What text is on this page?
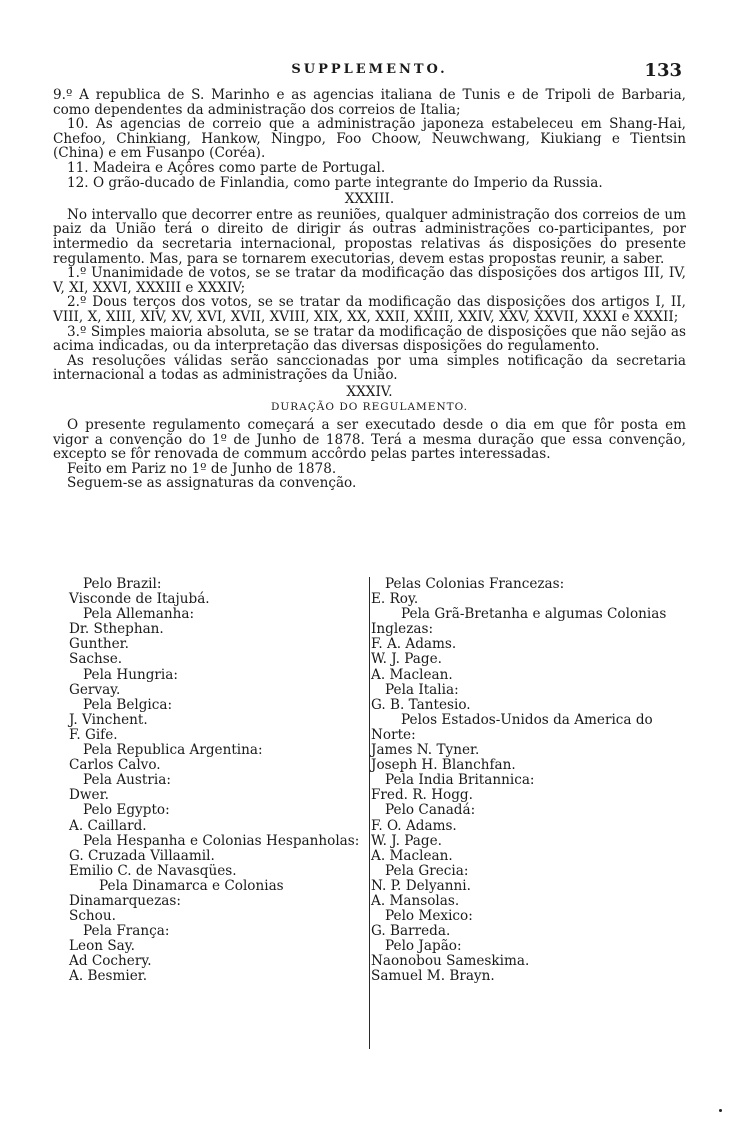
SUPPLEMENTO.	133

9.º A republica de S. Marinho e as agencias italiana de Tunis e de Tripoli de Barbaria, como dependentes da administração dos correios de Italia;

10. As agencias de correio que a administração japoneza estabeleceu em Shang-Hai, Chefoo, Chinkiang, Hankow, Ningpo, Foo Choow, Neuwchwang, Kiukiang e Tientsin (China) e em Fusanpo (Coréa).

11. Madeira e Açôres como parte de Portugal.

12. O grão-ducado de Finlandia, como parte integrante do Imperio da Russia.

XXXIII.

No intervallo que decorrer entre as reuniões, qualquer administração dos correios de um paiz da União terá o direito de dirigir ás outras administrações co-participantes, por intermedio da secretaria internacional, propostas relativas ás disposições do presente regulamento. Mas, para se tornarem executorias, devem estas propostas reunir, a saber.

1.º Unanimidade de votos, se se tratar da modificação das disposições dos artigos III, IV, V, XI, XXVI, XXXIII e XXXIV;

2.º Dous terços dos votos, se se tratar da modificação das disposições dos artigos I, II, VIII, X, XIII, XIV, XV, XVI, XVII, XVIII, XIX, XX, XXII, XXIII, XXIV, XXV, XXVII, XXXI e XXXII;

3.º Simples maioria absoluta, se se tratar da modificação de disposições que não sejão as acima indicadas, ou da interpretação das diversas disposições do regulamento.

As resoluções válidas serão sanccionadas por uma simples notificação da secretaria internacional a todas as administrações da União.

XXXIV.

DURAÇÃO DO REGULAMENTO.

O presente regulamento começará a ser executado desde o dia em que fôr posta em vigor a convenção do 1º de Junho de 1878. Terá a mesma duração que essa convenção, excepto se fôr renovada de commum accôrdo pelas partes interessadas.

Feito em Pariz no 1º de Junho de 1878.

Seguem-se as assignaturas da convenção.

Pelo Brazil:
Visconde de Itajubá.
Pela Allemanha:
Dr. Sthephan.
Gunther.
Sachse.
Pela Hungria:
Gervay.
Pela Belgica:
J. Vinchent.
F. Gife.
Pela Republica Argentina:
Carlos Calvo.
Pela Austria:
Dwer.
Pelo Egypto:
A. Caillard.
Pela Hespanha e Colonias Hespanholas:
G. Cruzada Villaamil.
Emilio C. de Navasqües.
Pela Dinamarca e Colonias Dinamarquezas:
Schou.
Pela França:
Leon Say.
Ad Cochery.
A. Besmier.
Pelas Colonias Francezas:
E. Roy.
Pela Grã-Bretanha e algumas Colonias Inglezas:
F. A. Adams.
W. J. Page.
A. Maclean.
Pela Italia:
G. B. Tantesio.
Pelos Estados-Unidos da America do Norte:
James N. Tyner.
Joseph H. Blanchfan.
Pela India Britannica:
Fred. R. Hogg.
Pelo Canadá:
F. O. Adams.
W. J. Page.
A. Maclean.
Pela Grecia:
N. P. Delyanni.
A. Mansolas.
Pelo Mexico:
G. Barreda.
Pelo Japão:
Naonobou Sameskima.
Samuel M. Brayn.
